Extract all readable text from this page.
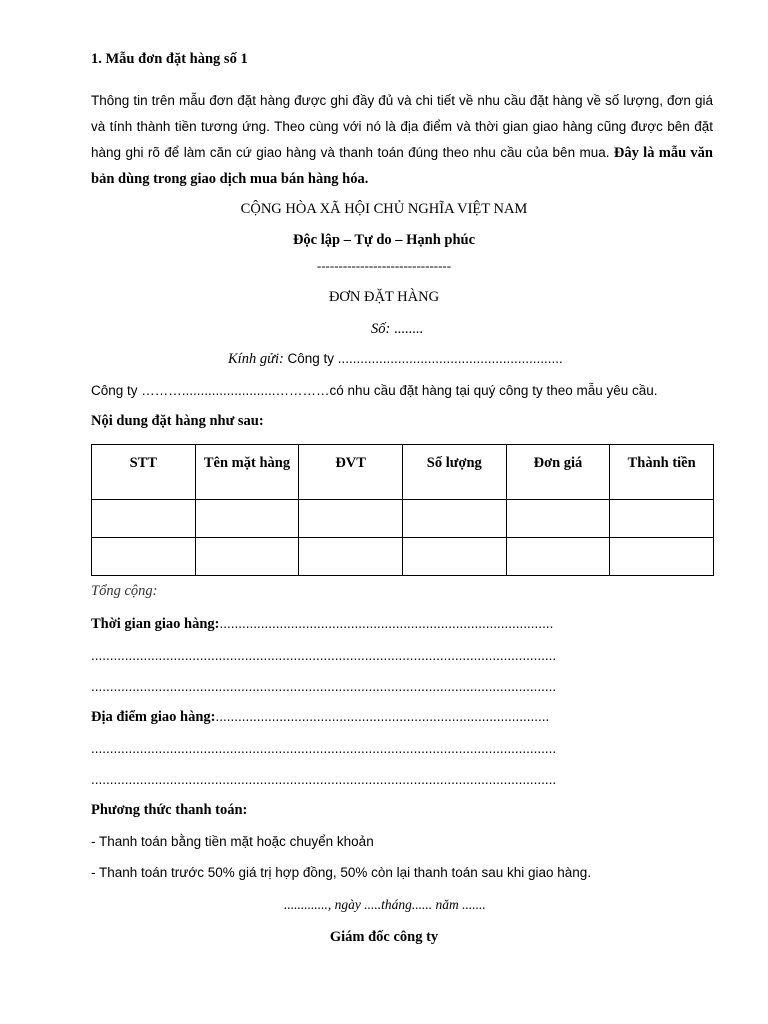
1. Mẫu đơn đặt hàng số 1
Thông tin trên mẫu đơn đặt hàng được ghi đầy đủ và chi tiết về nhu cầu đặt hàng về số lượng, đơn giá và tính thành tiền tương ứng. Theo cùng với nó là địa điểm và thời gian giao hàng cũng được bên đặt hàng ghi rõ để làm căn cứ giao hàng và thanh toán đúng theo nhu cầu của bên mua. Đây là mẫu văn bản dùng trong giao dịch mua bán hàng hóa.
CỘNG HÒA XÃ HỘI CHỦ NGHĨA VIỆT NAM
Độc lập – Tự do – Hạnh phúc
-------------------------------
ĐƠN ĐẶT HÀNG
Số: ........
Kính gửi: Công ty ............................................................
Công ty ……….........................…………có nhu cầu đặt hàng tại quý công ty theo mẫu yêu cầu.
Nội dung đặt hàng như sau:
STT	Tên mặt hàng	ĐVT	Số lượng	Đơn giá	Thành tiền

Tổng cộng:
Thời gian giao hàng:.........................................................................................
............................................................................................................................
............................................................................................................................
Địa điểm giao hàng:.........................................................................................
............................................................................................................................
............................................................................................................................
Phương thức thanh toán:
- Thanh toán bằng tiền mặt hoặc chuyển khoản
- Thanh toán trước 50% giá trị hợp đồng, 50% còn lại thanh toán sau khi giao hàng.
............., ngày .....tháng...... năm .......
Giám đốc công ty
